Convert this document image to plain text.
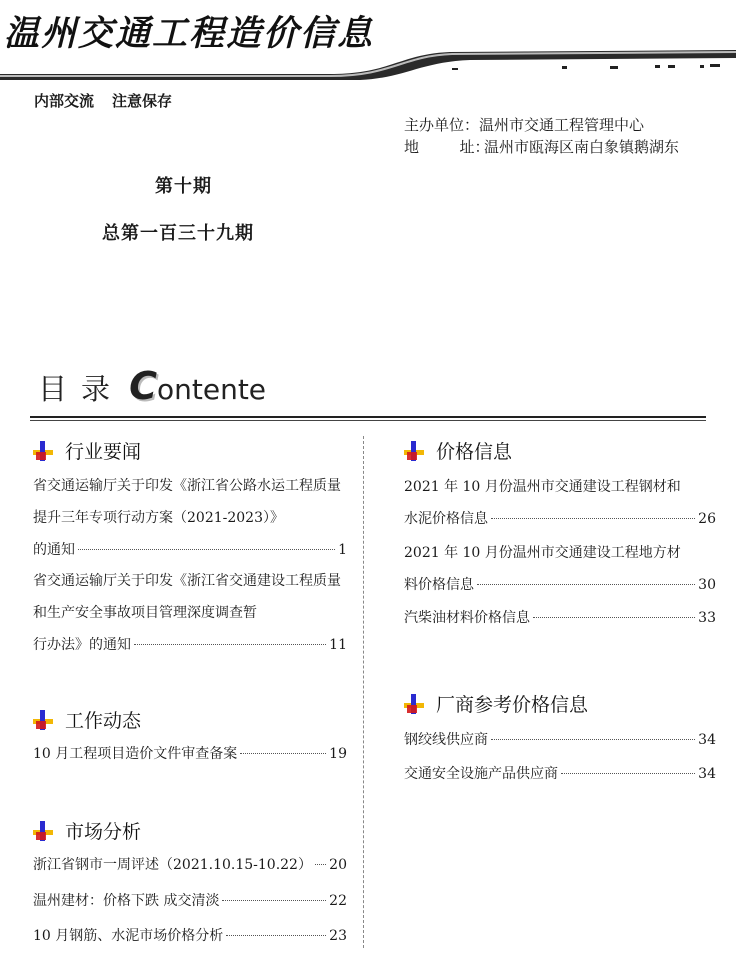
温州交通工程造价信息
内部交流 注意保存
主办单位：温州市交通工程管理中心
地	址：温州市瓯海区南白象镇鹅湖东
第十期
总第一百三十九期
目录 Contente
行业要闻
省交通运输厅关于印发《浙江省公路水运工程质量提升三年专项行动方案（2021-2023）》
的通知	1
省交通运输厅关于印发《浙江省交通建设工程质量和生产安全事故项目管理深度调查暂
行办法》的通知	11
工作动态
10 月工程项目造价文件审查备案	19
市场分析
浙江省钢市一周评述（2021.10.15-10.22） 20
温州建材：价格下跌 成交清淡	22
10 月钢筋、水泥市场价格分析	23
价格信息
2021 年 10 月份温州市交通建设工程钢材和
水泥价格信息	26
2021 年 10 月份温州市交通建设工程地方材
料价格信息	30
汽柴油材料价格信息	33
厂商参考价格信息
钢绞线供应商	34
交通安全设施产品供应商	34
